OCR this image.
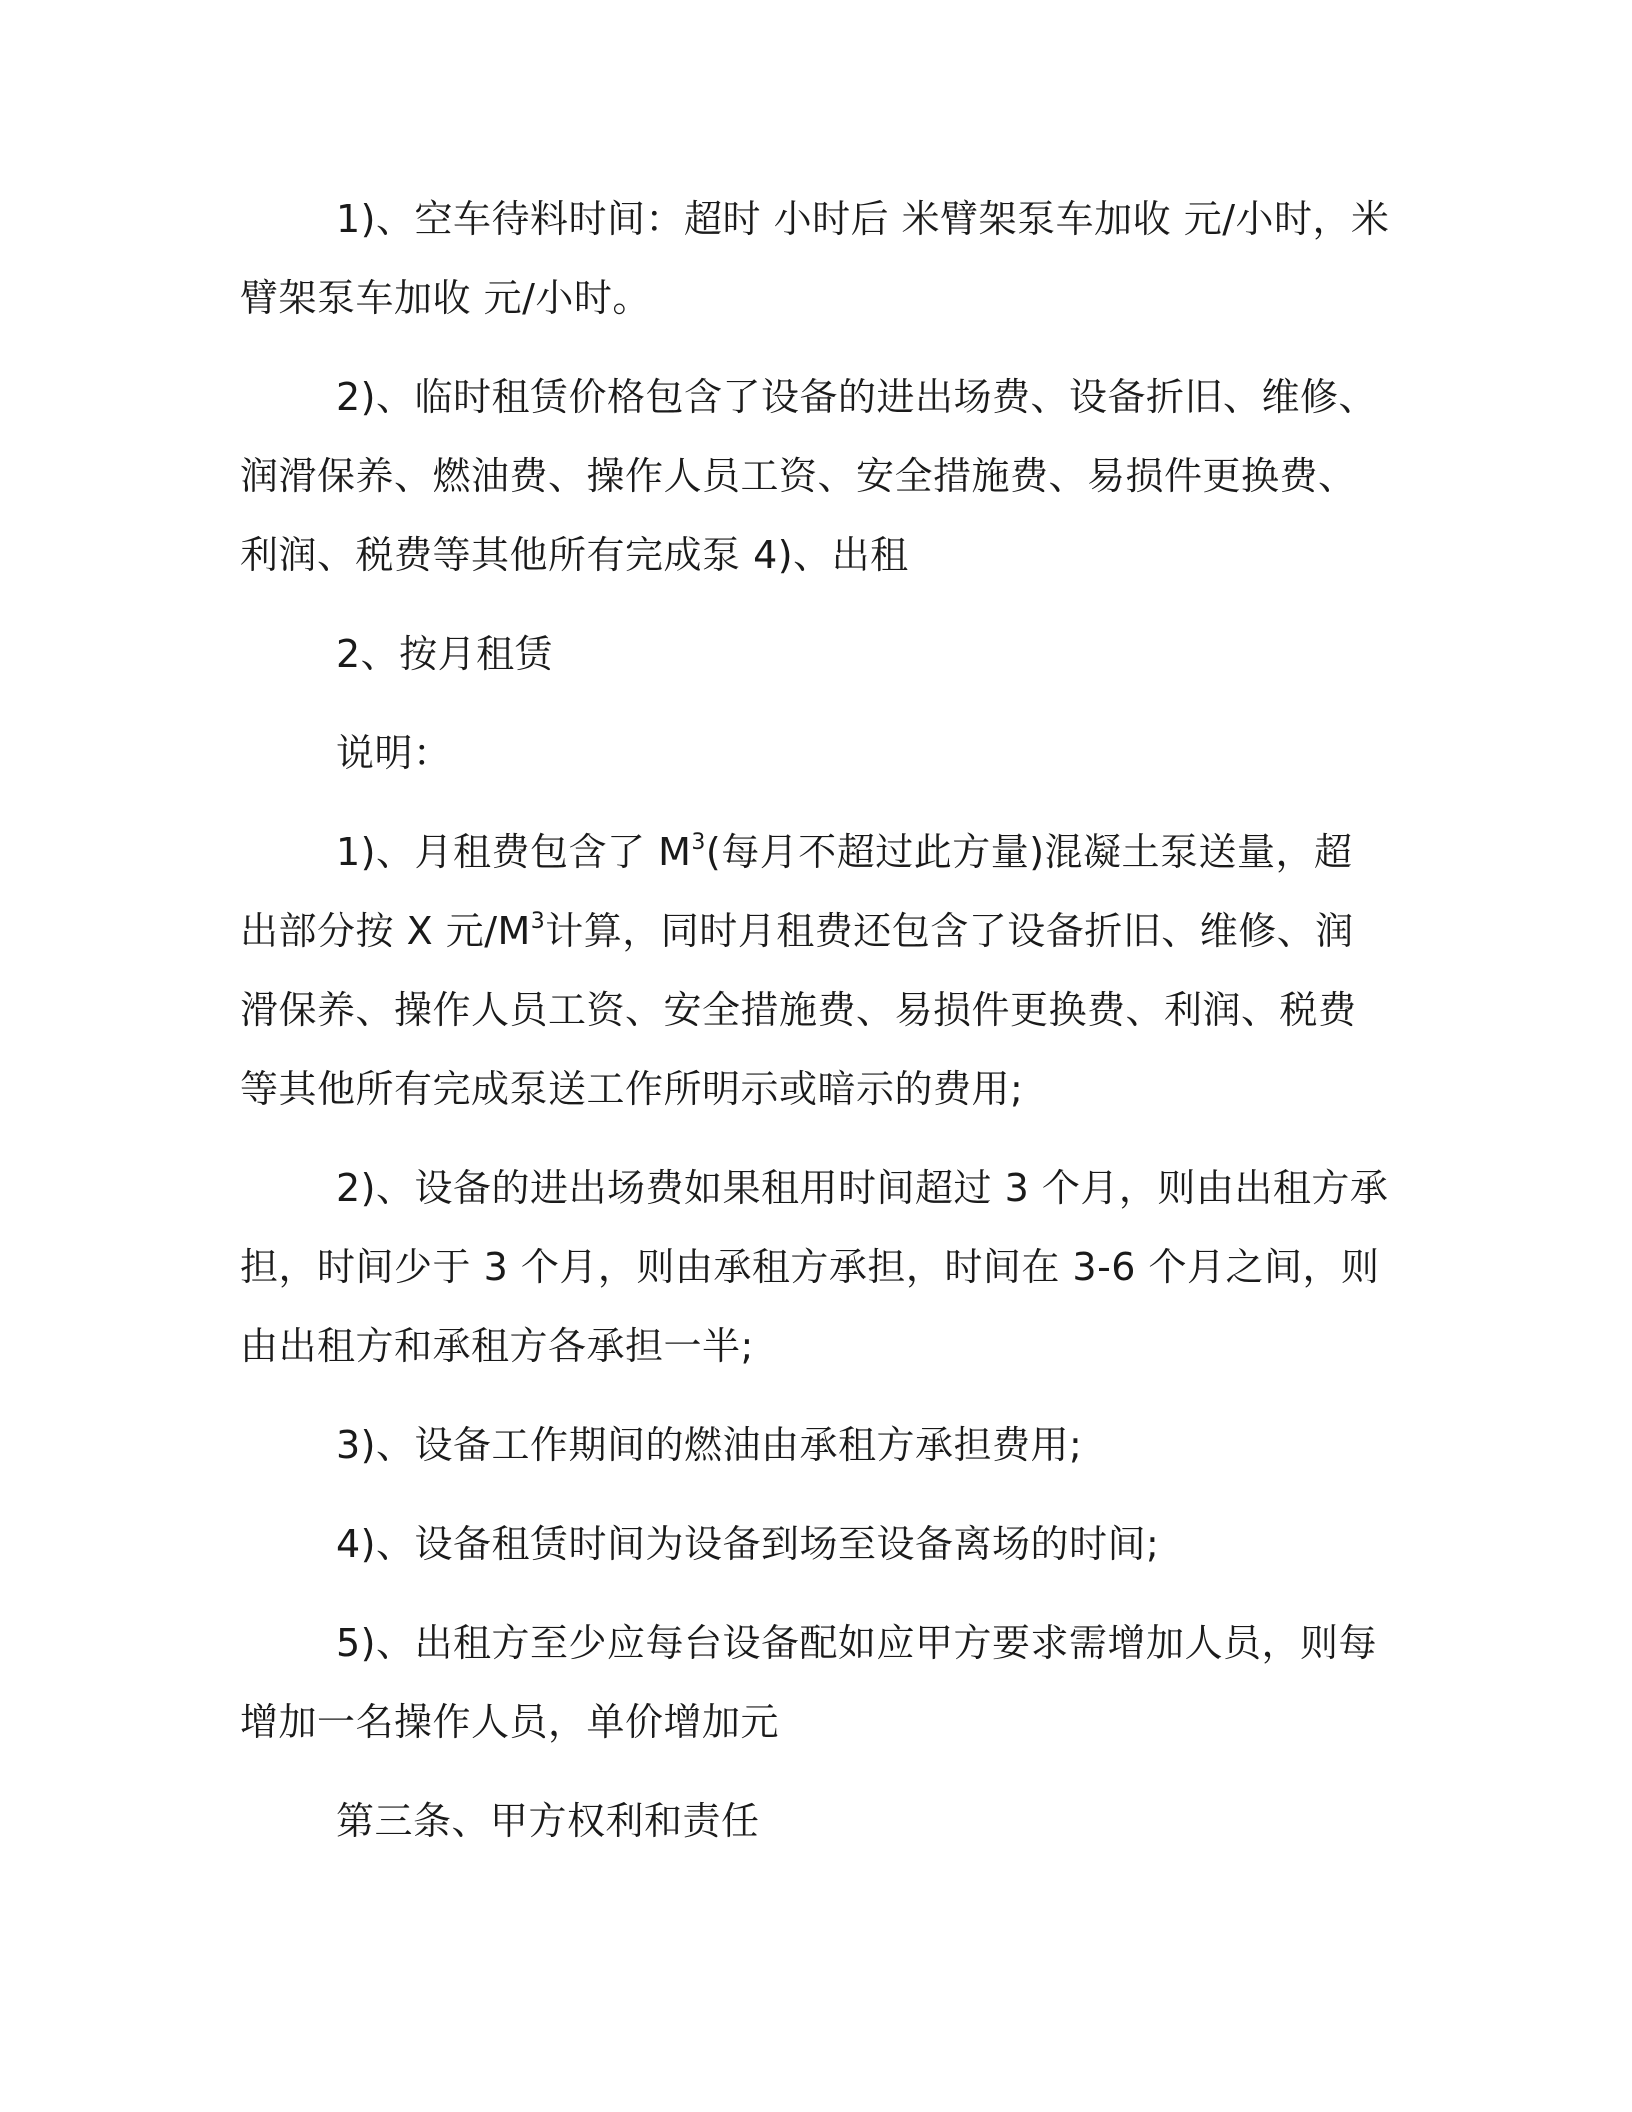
1)、空车待料时间：超时 小时后 米臂架泵车加收 元/小时，米臂架泵车加收 元/小时。

2)、临时租赁价格包含了设备的进出场费、设备折旧、维修、润滑保养、燃油费、操作人员工资、安全措施费、易损件更换费、利润、税费等其他所有完成泵 4)、出租

2、按月租赁

说明：

1)、月租费包含了 $M^3$(每月不超过此方量)混凝土泵送量，超出部分按 X 元$/M^3$计算，同时月租费还包含了设备折旧、维修、润滑保养、操作人员工资、安全措施费、易损件更换费、利润、税费等其他所有完成泵送工作所明示或暗示的费用;

2)、设备的进出场费如果租用时间超过 3 个月，则由出租方承担，时间少于 3 个月，则由承租方承担，时间在 3-6 个月之间，则由出租方和承租方各承担一半;

3)、设备工作期间的燃油由承租方承担费用;

4)、设备租赁时间为设备到场至设备离场的时间;

5)、出租方至少应每台设备配如应甲方要求需增加人员，则每增加一名操作人员，单价增加元

第三条、甲方权利和责任
